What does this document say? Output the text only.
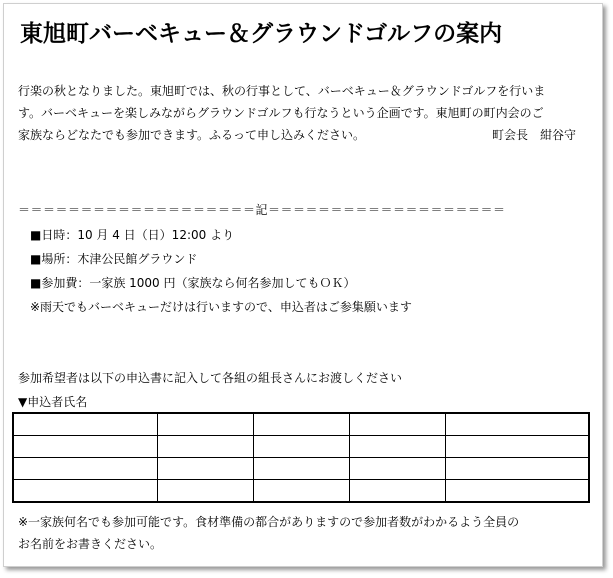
東旭町バーベキュー＆グラウンドゴルフの案内

行楽の秋となりました。東旭町では、秋の行事として、バーベキュー＆グラウンドゴルフを行いま

す。バーベキューを楽しみながらグラウンドゴルフも行なうという企画です。東旭町の町内会のご

家族ならどなたでも参加できます。ふるって申し込みください。	町会長　紺谷守

＝＝＝＝＝＝＝＝＝＝＝＝＝＝＝＝＝＝＝記＝＝＝＝＝＝＝＝＝＝＝＝＝＝＝＝＝＝＝
■日時：10 月 4 日（日）12:00 より
■場所：木津公民館グラウンド
■参加費：一家族 1000 円（家族なら何名参加してもＯＫ）
※雨天でもバーベキューだけは行いますので、申込者はご参集願います
参加希望者は以下の申込書に記入して各組の組長さんにお渡しください
▼申込者氏名

※一家族何名でも参加可能です。食材準備の都合がありますので参加者数がわかるよう全員の

お名前をお書きください。
